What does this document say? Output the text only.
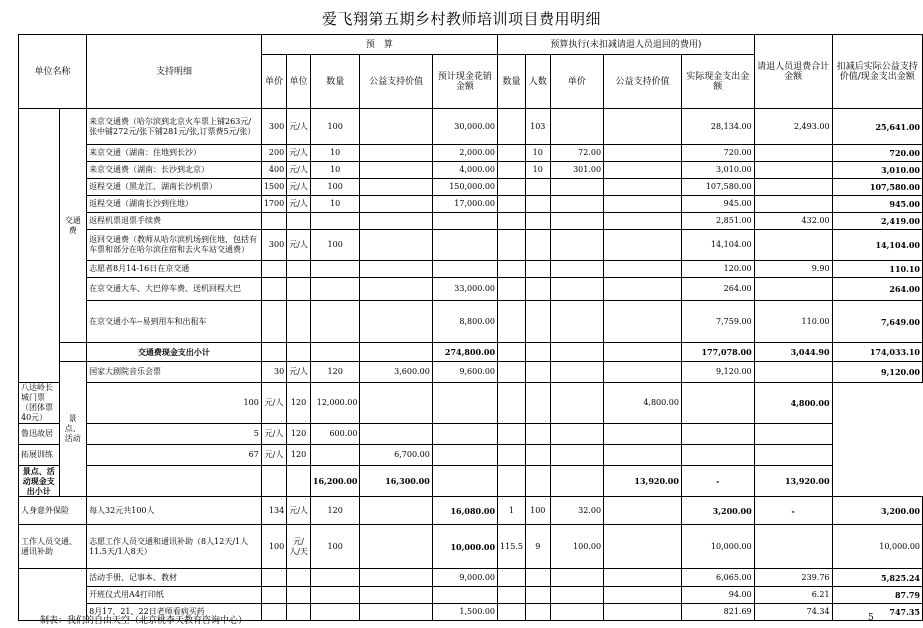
爱飞翔第五期乡村教师培训项目费用明细
单位名称		支持明细	预　算					预算执行(未扣减请退人员退回的费用)					请退人员退费合计金额	扣减后实际公益支持价值/现金支出金额
			单价	单位	数量	公益支持价值	预计现金花销金额	数量	人数	单价	公益支持价值	实际现金支出金额		
	交通费	来京交通费（哈尔滨到北京火车票上铺263元/张中铺272元/张下铺281元/张,订票费5元/张）	300	元/人	100		30,000.00		103			28,134.00	2,493.00	25,641.00
		来京交通（湖南：住地到长沙）	200	元/人	10		2,000.00		10	72.00		720.00		720.00
		来京交通费（湖南：长沙到北京）	400	元/人	10		4,000.00		10	301.00		3,010.00		3,010.00
		返程交通（黑龙江、湖南长沙机票）	1500	元/人	100		150,000.00					107,580.00		107,580.00
		返程交通（湖南长沙到住地）	1700	元/人	10		17,000.00					945.00		945.00
		返程机票退票手续费										2,851.00	432.00	2,419.00
		返回交通费（教师从哈尔滨机场到住地，包括有车票和部分在哈尔滨住宿和去火车站交通费）	300	元/人	100							14,104.00		14,104.00
		志愿者8月14-16日在京交通										120.00	9.90	110.10
		在京交通大车、大巴停车费、送机回程大巴					33,000.00					264.00		264.00
		在京交通小车--易到用车和出租车					8,800.00					7,759.00	110.00	7,649.00
		交通费现金支出小计					274,800.00					177,078.00	3,044.90	174,033.10
	景点、活动	国家大剧院音乐会票	30	元/人	120	3,600.00	9,600.00					9,120.00		9,120.00
八达岭长城门票（团体票40元）		100	元/人	120	12,000.00						4,800.00		4,800.00	
鲁迅故居		5	元/人	120	600.00									
拓展训练		67	元/人	120		6,700.00								
景点、活动现金支出小计					16,200.00	16,300.00					13,920.00	-	13,920.00	
人身意外保险		每人32元共100人	134	元/人	120		16,080.00	1	100	32.00		3,200.00	-	3,200.00
工作人员交通、通讯补助		志愿工作人员交通和通讯补助（8人12天/1人11.5天/1人8天）	100	元/人/天	100		10,000.00	115.5	9	100.00		10,000.00		10,000.00
		活动手册、记事本、教材					9,000.00					6,065.00	239.76	5,825.24
		开班仪式用A4打印纸										94.00	6.21	87.79
		8月17、21、22日老师看病买药					1,500.00					821.69	74.34	747.35
制表：我们的自由天空（北京桃李天教育咨询中心）	5
